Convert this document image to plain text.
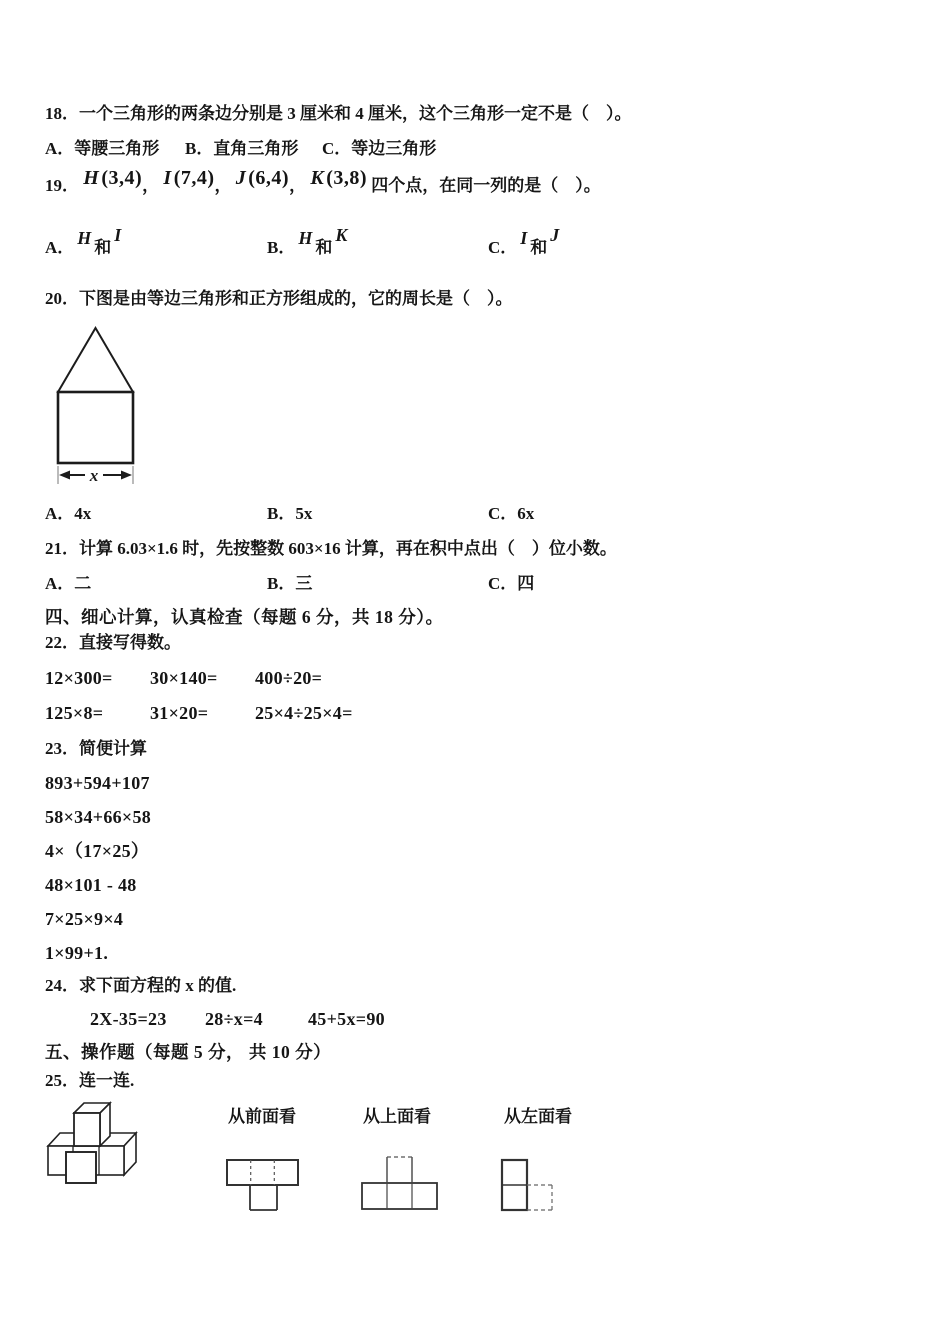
18．一个三角形的两条边分别是 3 厘米和 4 厘米，这个三角形一定不是（　）。
A．等腰三角形 B．直角三角形 C．等边三角形
19． H (3,4)， I (7,4)， J (6,4)， K (3,8) 四个点，在同一列的是（　）。
A． H 和I
B． H 和K
C． I 和J
20．下图是由等边三角形和正方形组成的，它的周长是（　）。
x
A．4x	B．5x	C．6x
21．计算 6.03×1.6 时，先按整数 603×16 计算，再在积中点出（　）位小数。
A．二	B．三	C．四
四、细心计算，认真检查（每题 6 分，共 18 分）。
22．直接写得数。
12×300= 30×140= 400÷20=
125×8=	31×20=	25×4÷25×4=
23．简便计算
893+594+107
58×34+66×58
4×（17×25）
48×101 - 48
7×25×9×4
1×99+1.
24．求下面方程的 x 的值.
2X-35=23 28÷x=4	45+5x=90
五、操作题（每题 5 分， 共 10 分）
25．连一连.
从前面看	从上面看	从左面看
